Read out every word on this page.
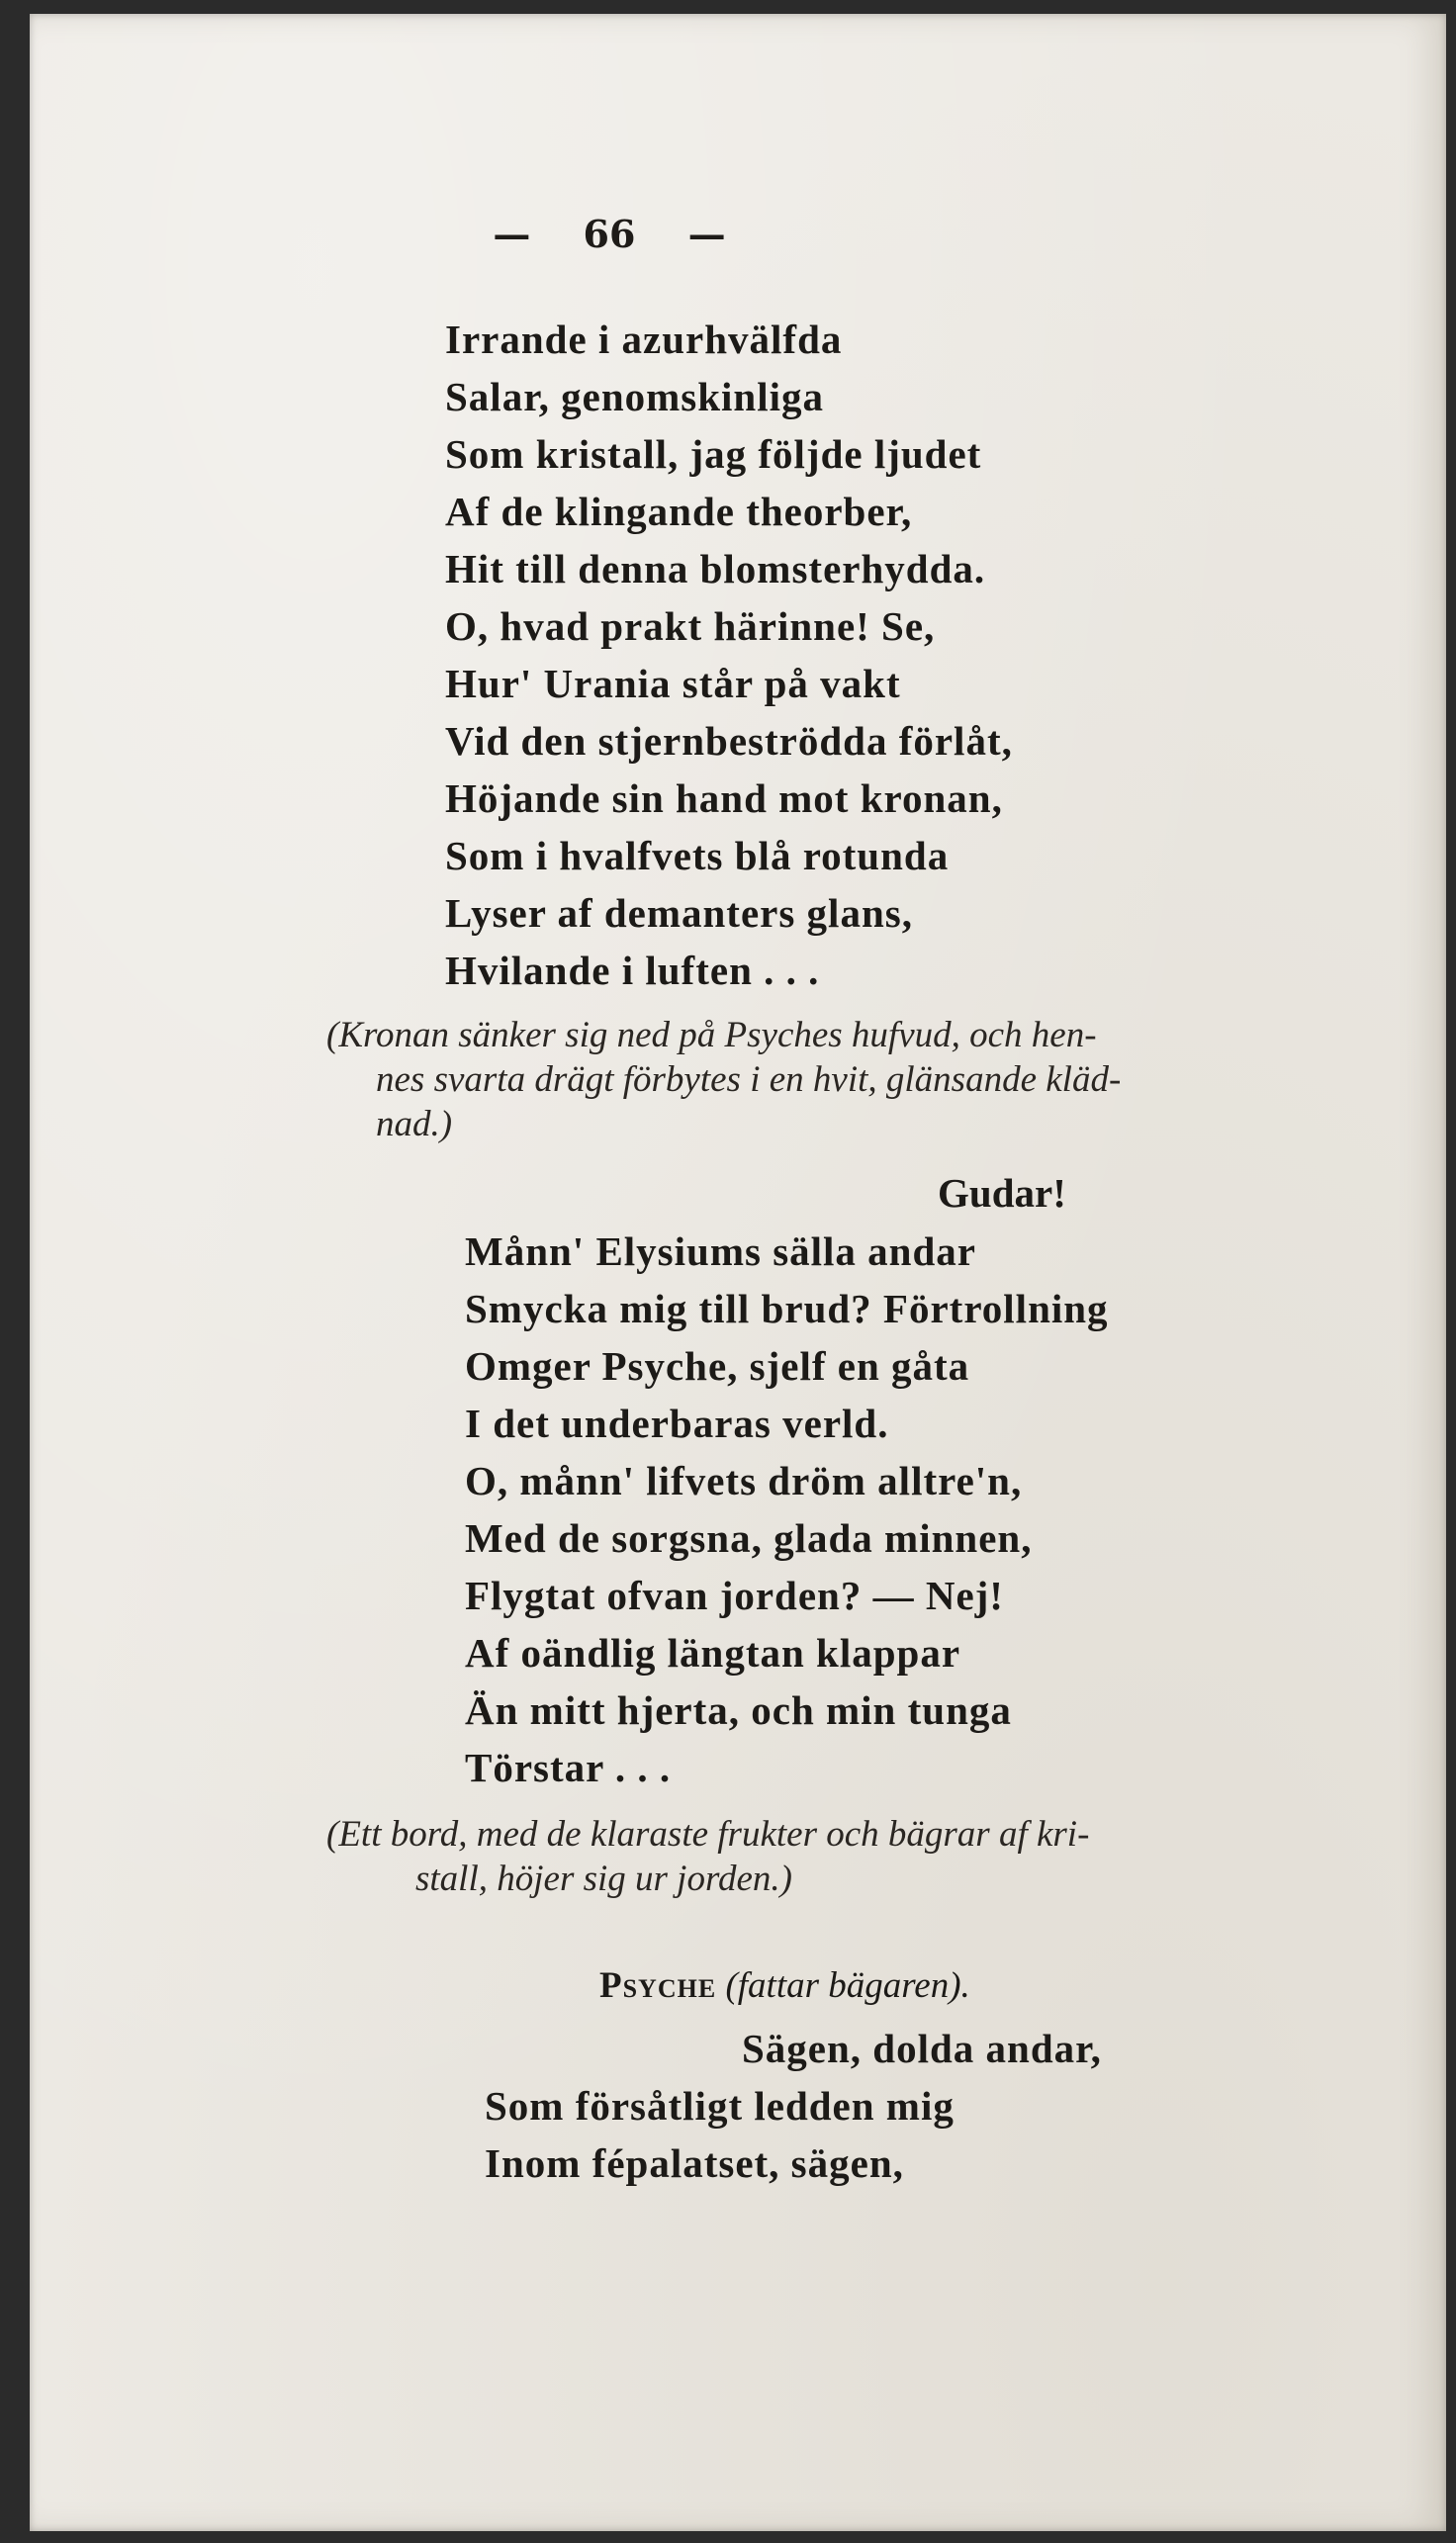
— 66 —
Irrande i azurhvälfda
Salar, genomskinliga
Som kristall, jag följde ljudet
Af de klingande theorber,
Hit till denna blomsterhydda.
O, hvad prakt härinne! Se,
Hur' Urania står på vakt
Vid den stjernbeströdda förlåt,
Höjande sin hand mot kronan,
Som i hvalfvets blå rotunda
Lyser af demanters glans,
Hvilande i luften . . .
(Kronan sänker sig ned på Psyches hufvud, och hen-
nes svarta drägt förbytes i en hvit, glänsande kläd-
nad.)
Gudar!
Månn' Elysiums sälla andar
Smycka mig till brud? Förtrollning
Omger Psyche, sjelf en gåta
I det underbaras verld.
O, månn' lifvets dröm alltre'n,
Med de sorgsna, glada minnen,
Flygtat ofvan jorden? — Nej!
Af oändlig längtan klappar
Än mitt hjerta, och min tunga
Törstar . . .
(Ett bord, med de klaraste frukter och bägrar af kri-
stall, höjer sig ur jorden.)
Psyche (fattar bägaren).
Sägen, dolda andar,
Som försåtligt ledden mig
Inom fépalatset, sägen,
